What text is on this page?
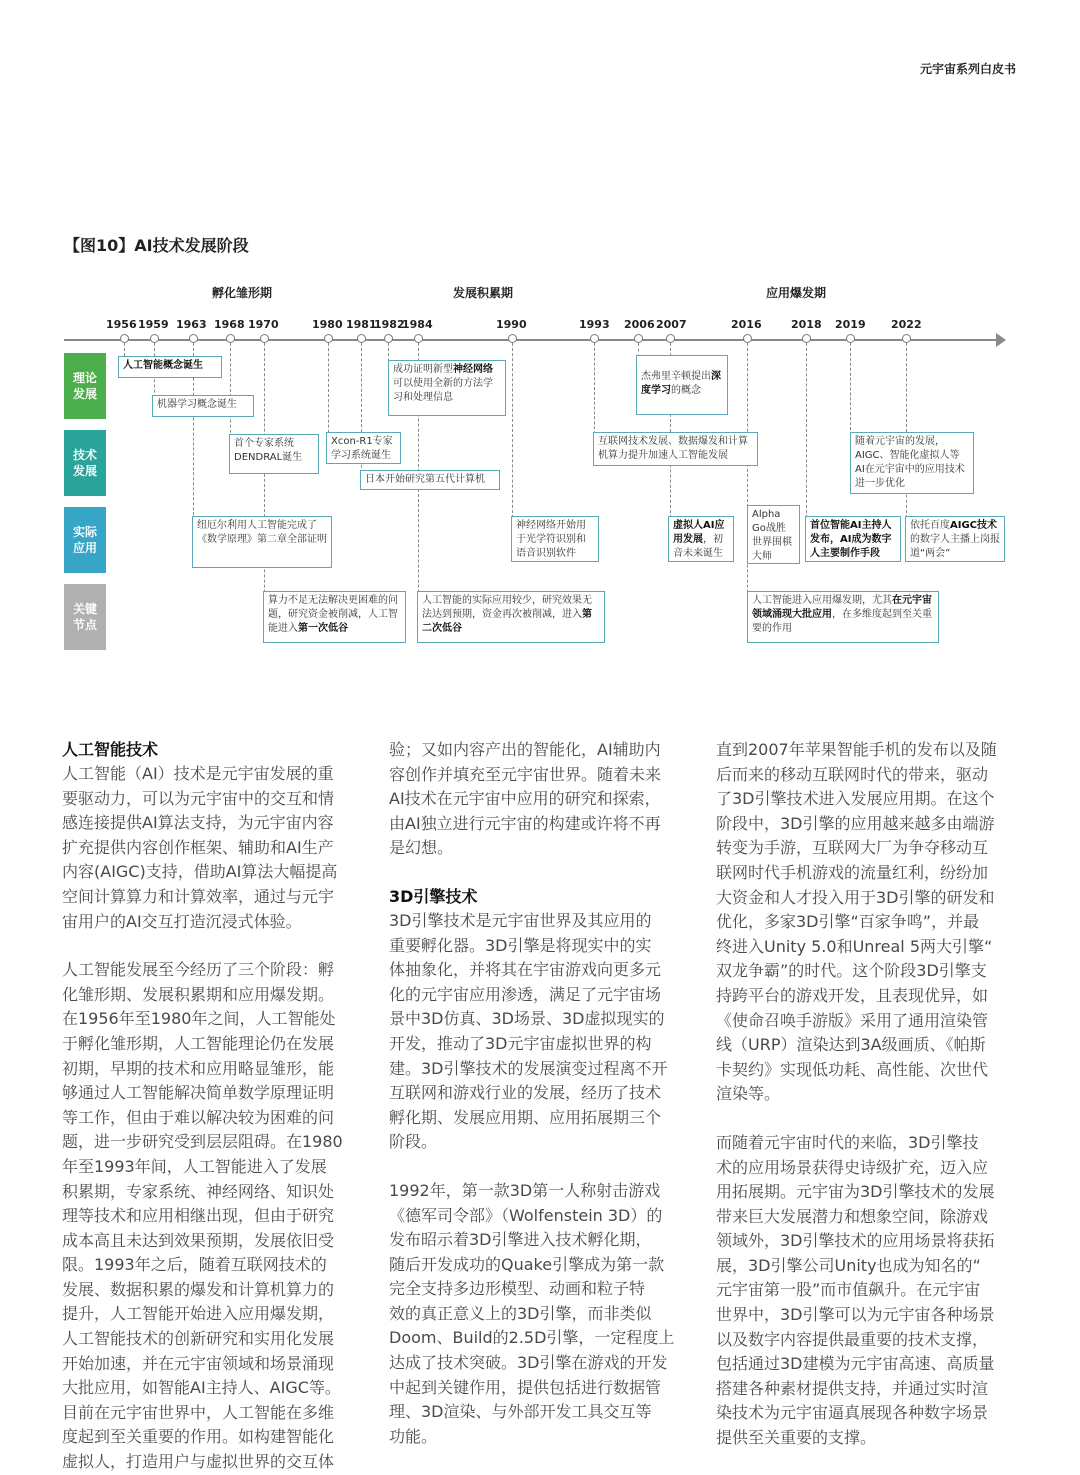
元宇宙系列白皮书
【图10】AI技术发展阶段
孵化雏形期	发展积累期	应用爆发期
1956 1959 1963 1968 1970	1980 1981
1982
1984	1990	1993 2006 2007	2016	2018 2019 2022
理论发展
技术发展
实际应用
关键节点
人工智能概念诞生
机器学习概念诞生
成功证明新型神经网络可以使用全新的方法学习和处理信息
杰弗里辛顿提出深度学习的概念
首个专家系统DENDRAL诞生
Xcon-R1专家学习系统诞生
日本开始研究第五代计算机
互联网技术发展、数据爆发和计算机算力提升加速人工智能发展
随着元宇宙的发展，AIGC、智能化虚拟人等AI在元宇宙中的应用技术进一步优化
纽厄尔利用人工智能完成了《数学原理》第二章全部证明
神经网络开始用于光学符识别和语音识别软件
虚拟人AI应用发展，初音未来诞生
Alpha Go战胜世界围棋大师
首位智能AI主持人发布，AI成为数字人主要制作手段
依托百度AIGC技术的数字人主播上岗报道“两会”
算力不足无法解决更困难的问题，研究资金被削减，人工智能进入第一次低谷
人工智能的实际应用较少，研究效果无法达到预期，资金再次被削减，进入第二次低谷
人工智能进入应用爆发期，尤其在元宇宙领域涌现大批应用，在多维度起到至关重要的作用
人工智能技术

人工智能（AI）技术是元宇宙发展的重
要驱动力，可以为元宇宙中的交互和情
感连接提供AI算法支持，为元宇宙内容
扩充提供内容创作框架、辅助和AI生产
内容(AIGC)支持，借助AI算法大幅提高
空间计算算力和计算效率，通过与元宇
宙用户的AI交互打造沉浸式体验。

人工智能发展至今经历了三个阶段：孵
化雏形期、发展积累期和应用爆发期。
在1956年至1980年之间，人工智能处
于孵化雏形期，人工智能理论仍在发展
初期，早期的技术和应用略显雏形，能
够通过人工智能解决简单数学原理证明
等工作，但由于难以解决较为困难的问
题，进一步研究受到层层阻碍。在1980
年至1993年间，人工智能进入了发展
积累期，专家系统、神经网络、知识处
理等技术和应用相继出现，但由于研究
成本高且未达到效果预期，发展依旧受
限。1993年之后，随着互联网技术的
发展、数据积累的爆发和计算机算力的
提升，人工智能开始进入应用爆发期，
人工智能技术的创新研究和实用化发展
开始加速，并在元宇宙领域和场景涌现
大批应用，如智能AI主持人、AIGC等。
目前在元宇宙世界中，人工智能在多维
度起到至关重要的作用。如构建智能化
虚拟人，打造用户与虚拟世界的交互体

验；又如内容产出的智能化，AI辅助内
容创作并填充至元宇宙世界。随着未来
AI技术在元宇宙中应用的研究和探索，
由AI独立进行元宇宙的构建或许将不再
是幻想。

3D引擎技术

3D引擎技术是元宇宙世界及其应用的
重要孵化器。3D引擎是将现实中的实
体抽象化，并将其在宇宙游戏向更多元
化的元宇宙应用渗透，满足了元宇宙场
景中3D仿真、3D场景、3D虚拟现实的
开发，推动了3D元宇宙虚拟世界的构
建。3D引擎技术的发展演变过程离不开
互联网和游戏行业的发展，经历了技术
孵化期、发展应用期、应用拓展期三个
阶段。

1992年，第一款3D第一人称射击游戏
《德军司令部》（Wolfenstein 3D）的
发布昭示着3D引擎进入技术孵化期，
随后开发成功的Quake引擎成为第一款
完全支持多边形模型、动画和粒子特
效的真正意义上的3D引擎，而非类似
Doom、Build的2.5D引擎，一定程度上
达成了技术突破。3D引擎在游戏的开发
中起到关键作用，提供包括进行数据管
理、3D渲染、与外部开发工具交互等
功能。

直到2007年苹果智能手机的发布以及随
后而来的移动互联网时代的带来，驱动
了3D引擎技术进入发展应用期。在这个
阶段中，3D引擎的应用越来越多由端游
转变为手游，互联网大厂为争夺移动互
联网时代手机游戏的流量红利，纷纷加
大资金和人才投入用于3D引擎的研发和
优化，多家3D引擎“百家争鸣”，并最
终进入Unity 5.0和Unreal 5两大引擎“
双龙争霸”的时代。这个阶段3D引擎支
持跨平台的游戏开发，且表现优异，如
《使命召唤手游版》采用了通用渲染管
线（URP）渲染达到3A级画质、《帕斯
卡契约》实现低功耗、高性能、次世代
渲染等。

而随着元宇宙时代的来临，3D引擎技
术的应用场景获得史诗级扩充，迈入应
用拓展期。元宇宙为3D引擎技术的发展
带来巨大发展潜力和想象空间，除游戏
领域外，3D引擎技术的应用场景将获拓
展，3D引擎公司Unity也成为知名的“
元宇宙第一股”而市值飙升。在元宇宙
世界中，3D引擎可以为元宇宙各种场景
以及数字内容提供最重要的技术支撑，
包括通过3D建模为元宇宙高速、高质量
搭建各种素材提供支持，并通过实时渲
染技术为元宇宙逼真展现各种数字场景
提供至关重要的支撑。
